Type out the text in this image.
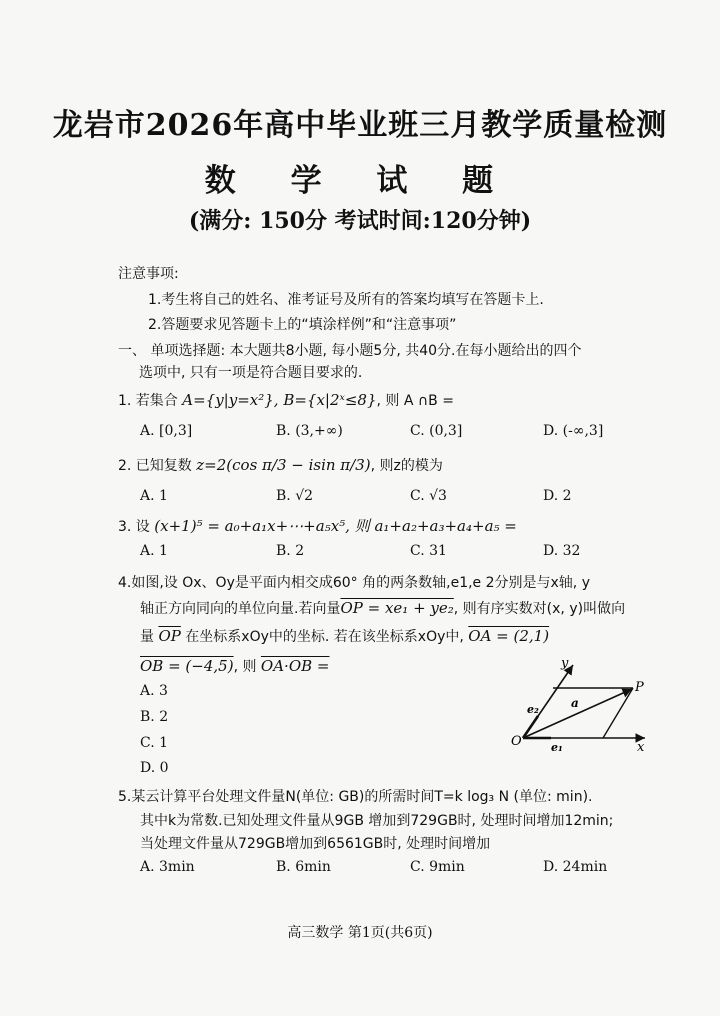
龙岩市2026年高中毕业班三月教学质量检测
数 学 试 题
(满分: 150分 考试时间:120分钟)
注意事项:
1.考生将自己的姓名、准考证号及所有的答案均填写在答题卡上.
2.答题要求见答题卡上的“填涂样例”和“注意事项”
一、 单项选择题: 本大题共8小题, 每小题5分, 共40分.在每小题给出的四个
选项中, 只有一项是符合题目要求的.
1. 若集合 A={y|y=x²}, B={x|2ˣ≤8}, 则 A ∩B =
A. [0,3]	B. (3,+∞)	C. (0,3]	D. (-∞,3]
2. 已知复数 z=2(cos π/3 − isin π/3), 则z的模为
A. 1	B. √2	C. √3	D. 2
3. 设 (x+1)⁵ = a₀+a₁x+⋯+a₅x⁵, 则 a₁+a₂+a₃+a₄+a₅ =
A. 1	B. 2	C. 31	D. 32
4.如图,设 Ox、Oy是平面内相交成60° 角的两条数轴,e1,e 2分别是与x轴, y
轴正方向同向的单位向量.若向量OP = xe₁ + ye₂, 则有序实数对(x, y)叫做向
量 $\overline{OP}$ 在坐标系xOy中的坐标. 若在该坐标系xOy中, OA = (2,1)
OB = (−4,5), 则 OA·OB =
A. 3
B. 2
C. 1
D. 0
y
P
e₂	a
O	e₁	x
5.某云计算平台处理文件量N(单位: GB)的所需时间T=k log₃ N (单位: min).
其中k为常数.已知处理文件量从9GB 增加到729GB时, 处理时间增加12min;
当处理文件量从729GB增加到6561GB时, 处理时间增加
A. 3min	B. 6min	C. 9min	D. 24min
高三数学 第1页(共6页)
